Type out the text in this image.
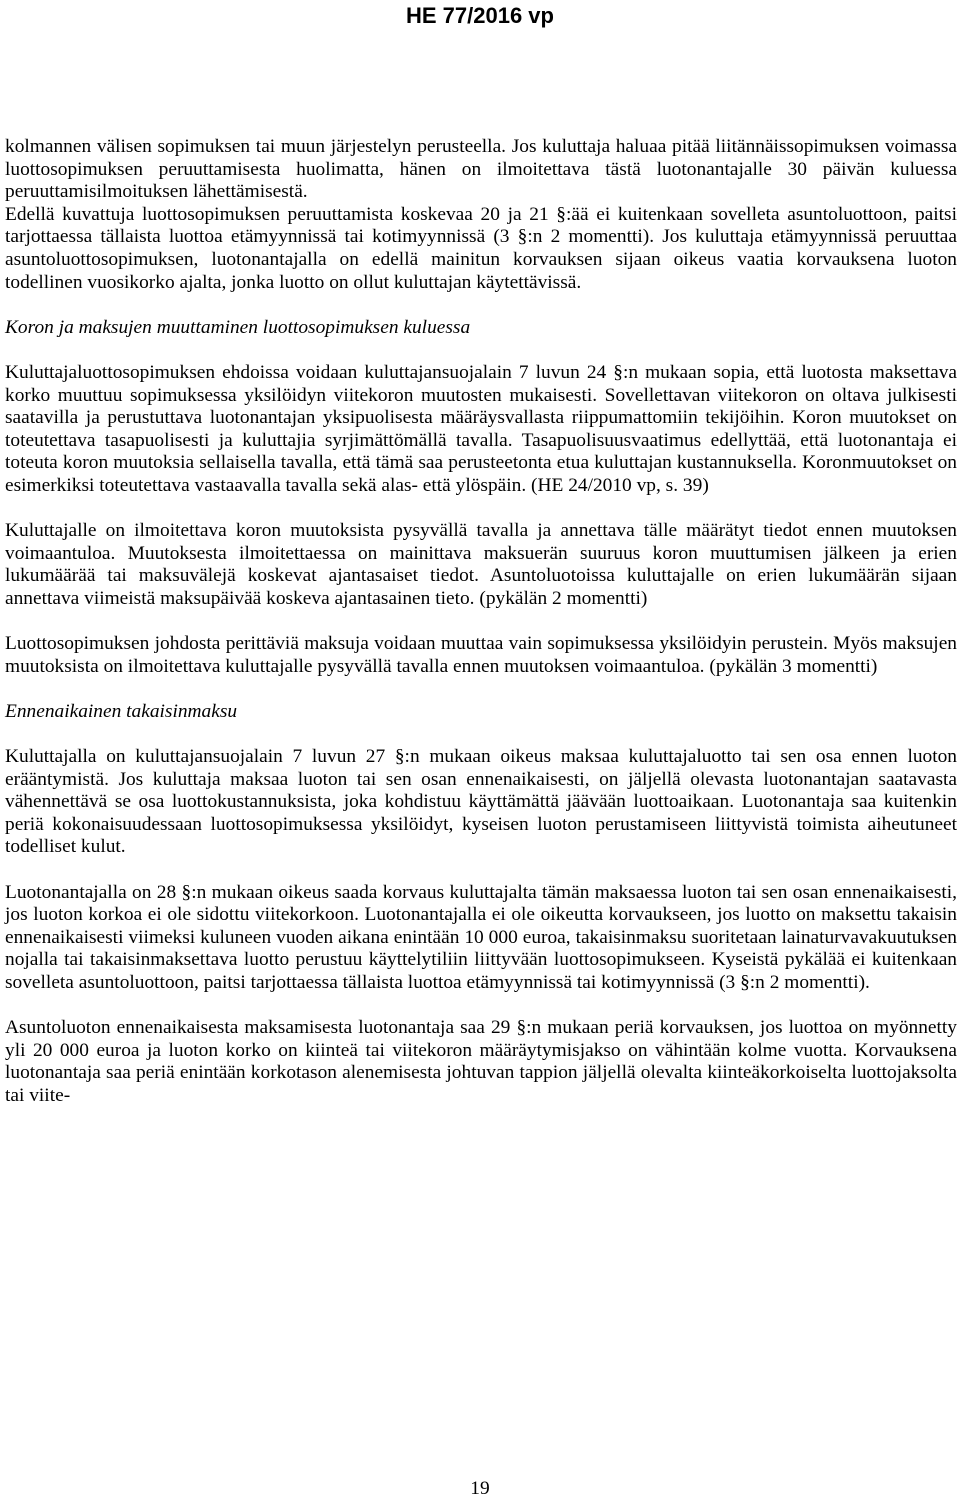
HE 77/2016 vp

kolmannen välisen sopimuksen tai muun järjestelyn perusteella. Jos kuluttaja haluaa pitää liitännäissopimuksen voimassa luottosopimuksen peruuttamisesta huolimatta, hänen on ilmoitettava tästä luotonantajalle 30 päivän kuluessa peruuttamisilmoituksen lähettämisestä.

Edellä kuvattuja luottosopimuksen peruuttamista koskevaa 20 ja 21 §:ää ei kuitenkaan sovelleta asuntoluottoon, paitsi tarjottaessa tällaista luottoa etämyynnissä tai kotimyynnissä (3 §:n 2 momentti). Jos kuluttaja etämyynnissä peruuttaa asuntoluottosopimuksen, luotonantajalla on edellä mainitun korvauksen sijaan oikeus vaatia korvauksena luoton todellinen vuosikorko ajalta, jonka luotto on ollut kuluttajan käytettävissä.

Koron ja maksujen muuttaminen luottosopimuksen kuluessa

Kuluttajaluottosopimuksen ehdoissa voidaan kuluttajansuojalain 7 luvun 24 §:n mukaan sopia, että luotosta maksettava korko muuttuu sopimuksessa yksilöidyn viitekoron muutosten mukaisesti. Sovellettavan viitekoron on oltava julkisesti saatavilla ja perustuttava luotonantajan yksipuolisesta määräysvallasta riippumattomiin tekijöihin. Koron muutokset on toteutettava tasapuolisesti ja kuluttajia syrjimättömällä tavalla. Tasapuolisuusvaatimus edellyttää, että luotonantaja ei toteuta koron muutoksia sellaisella tavalla, että tämä saa perusteetonta etua kuluttajan kustannuksella. Koronmuutokset on esimerkiksi toteutettava vastaavalla tavalla sekä alas- että ylöspäin. (HE 24/2010 vp, s. 39)

Kuluttajalle on ilmoitettava koron muutoksista pysyvällä tavalla ja annettava tälle määrätyt tiedot ennen muutoksen voimaantuloa. Muutoksesta ilmoitettaessa on mainittava maksuerän suuruus koron muuttumisen jälkeen ja erien lukumäärää tai maksuvälejä koskevat ajantasaiset tiedot. Asuntoluotoissa kuluttajalle on erien lukumäärän sijaan annettava viimeistä maksupäivää koskeva ajantasainen tieto. (pykälän 2 momentti)

Luottosopimuksen johdosta perittäviä maksuja voidaan muuttaa vain sopimuksessa yksilöidyin perustein. Myös maksujen muutoksista on ilmoitettava kuluttajalle pysyvällä tavalla ennen muutoksen voimaantuloa. (pykälän 3 momentti)

Ennenaikainen takaisinmaksu

Kuluttajalla on kuluttajansuojalain 7 luvun 27 §:n mukaan oikeus maksaa kuluttajaluotto tai sen osa ennen luoton erääntymistä. Jos kuluttaja maksaa luoton tai sen osan ennenaikaisesti, on jäljellä olevasta luotonantajan saatavasta vähennettävä se osa luottokustannuksista, joka kohdistuu käyttämättä jäävään luottoaikaan. Luotonantaja saa kuitenkin periä kokonaisuudessaan luottosopimuksessa yksilöidyt, kyseisen luoton perustamiseen liittyvistä toimista aiheutuneet todelliset kulut.

Luotonantajalla on 28 §:n mukaan oikeus saada korvaus kuluttajalta tämän maksaessa luoton tai sen osan ennenaikaisesti, jos luoton korkoa ei ole sidottu viitekorkoon. Luotonantajalla ei ole oikeutta korvaukseen, jos luotto on maksettu takaisin ennenaikaisesti viimeksi kuluneen vuoden aikana enintään 10 000 euroa, takaisinmaksu suoritetaan lainaturvavakuutuksen nojalla tai takaisinmaksettava luotto perustuu käyttelytiliin liittyvään luottosopimukseen. Kyseistä pykälää ei kuitenkaan sovelleta asuntoluottoon, paitsi tarjottaessa tällaista luottoa etämyynnissä tai kotimyynnissä (3 §:n 2 momentti).

Asuntoluoton ennenaikaisesta maksamisesta luotonantaja saa 29 §:n mukaan periä korvauksen, jos luottoa on myönnetty yli 20 000 euroa ja luoton korko on kiinteä tai viitekoron määräytymisjakso on vähintään kolme vuotta. Korvauksena luotonantaja saa periä enintään korkotason alenemisesta johtuvan tappion jäljellä olevalta kiinteäkorkoiselta luottojaksolta tai viite-

19
